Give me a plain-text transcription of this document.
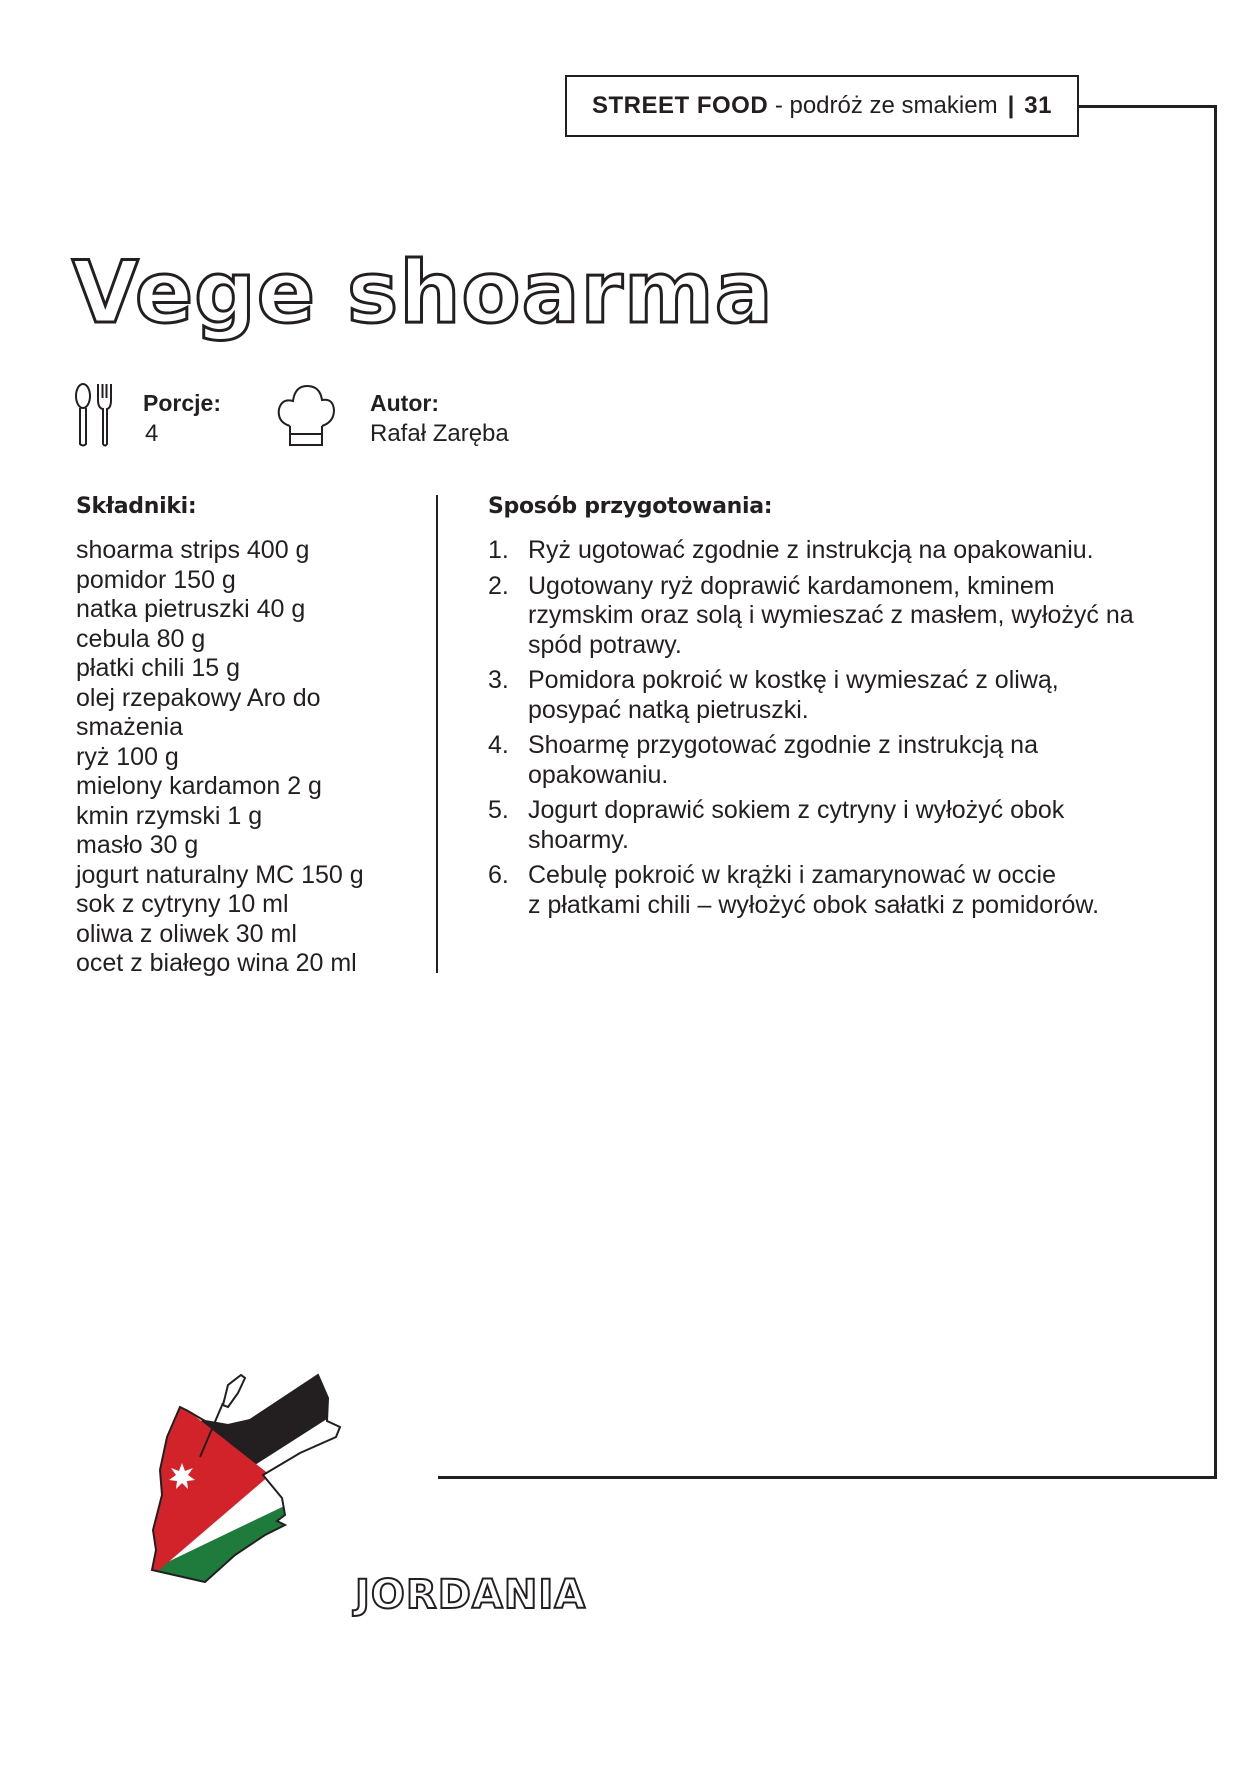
STREET FOOD
- podróż ze smakiem | 31
Vege shoarma
Porcje:
4
Autor:
Rafał Zaręba
Składniki:
shoarma strips 400 g
pomidor 150 g
natka pietruszki 40 g
cebula 80 g
płatki chili 15 g
olej rzepakowy Aro do
smażenia
ryż 100 g
mielony kardamon 2 g
kmin rzymski 1 g
masło 30 g
jogurt naturalny MC 150 g
sok z cytryny 10 ml
oliwa z oliwek 30 ml
ocet z białego wina 20 ml
Sposób przygotowania:
1. Ryż ugotować zgodnie z instrukcją na opakowaniu.
2. Ugotowany ryż doprawić kardamonem, kminem
rzymskim oraz solą i wymieszać z masłem, wyłożyć na
spód potrawy.
3. Pomidora pokroić w kostkę i wymieszać z oliwą,
posypać natką pietruszki.
4. Shoarmę przygotować zgodnie z instrukcją na
opakowaniu.
5. Jogurt doprawić sokiem z cytryny i wyłożyć obok
shoarmy.
6. Cebulę pokroić w krążki i zamarynować w occie
z płatkami chili – wyłożyć obok sałatki z pomidorów.
JORDANIA
